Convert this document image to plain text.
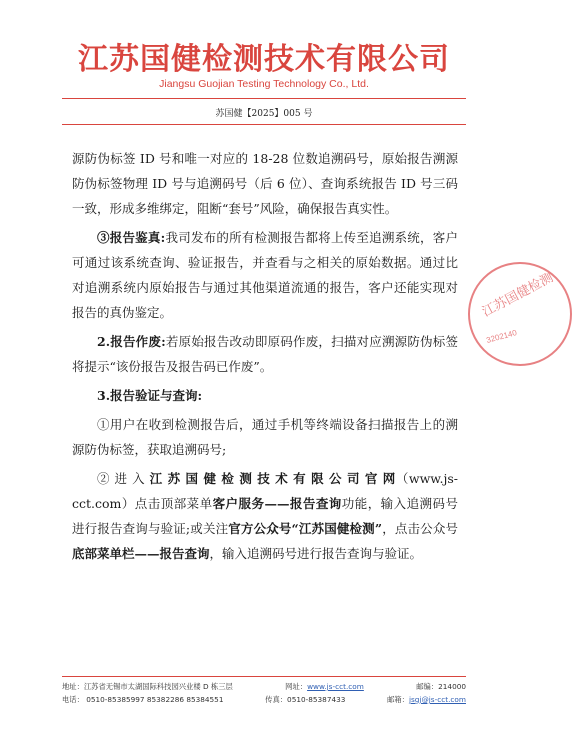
江苏国健检测技术有限公司
Jiangsu Guojian Testing Technology Co., Ltd.
苏国健【2025】005 号

源防伪标签 ID 号和唯一对应的 18-28 位数追溯码号，原始报告溯源防伪标签物理 ID 号与追溯码号（后 6 位）、查询系统报告 ID 号三码一致，形成多维绑定，阻断“套号”风险，确保报告真实性。

③报告鉴真:我司发布的所有检测报告都将上传至追溯系统，客户可通过该系统查询、验证报告，并查看与之相关的原始数据。通过比对追溯系统内原始报告与通过其他渠道流通的报告，客户还能实现对报告的真伪鉴定。

2.报告作废:若原始报告改动即原码作废，扫描对应溯源防伪标签将提示“该份报告及报告码已作废”。

3.报告验证与查询:

①用户在收到检测报告后，通过手机等终端设备扫描报告上的溯源防伪标签，获取追溯码号;

② 进 入 江 苏 国 健 检 测 技 术 有 限 公 司 官 网（www.js-cct.com）点击顶部菜单客户服务——报告查询功能，输入追溯码号进行报告查询与验证;或关注官方公众号“江苏国健检测”，点击公众号底部菜单栏——报告查询，输入追溯码号进行报告查询与验证。

江苏国健检测
3202140
地址：江苏省无锡市太湖国际科技园兴业楼 D 栋三层	网址：www.js-cct.com	邮编：214000
电话： 0510-85385997 85382286 85384551	传真：0510-85387433	邮箱：jsgj@js-cct.com
